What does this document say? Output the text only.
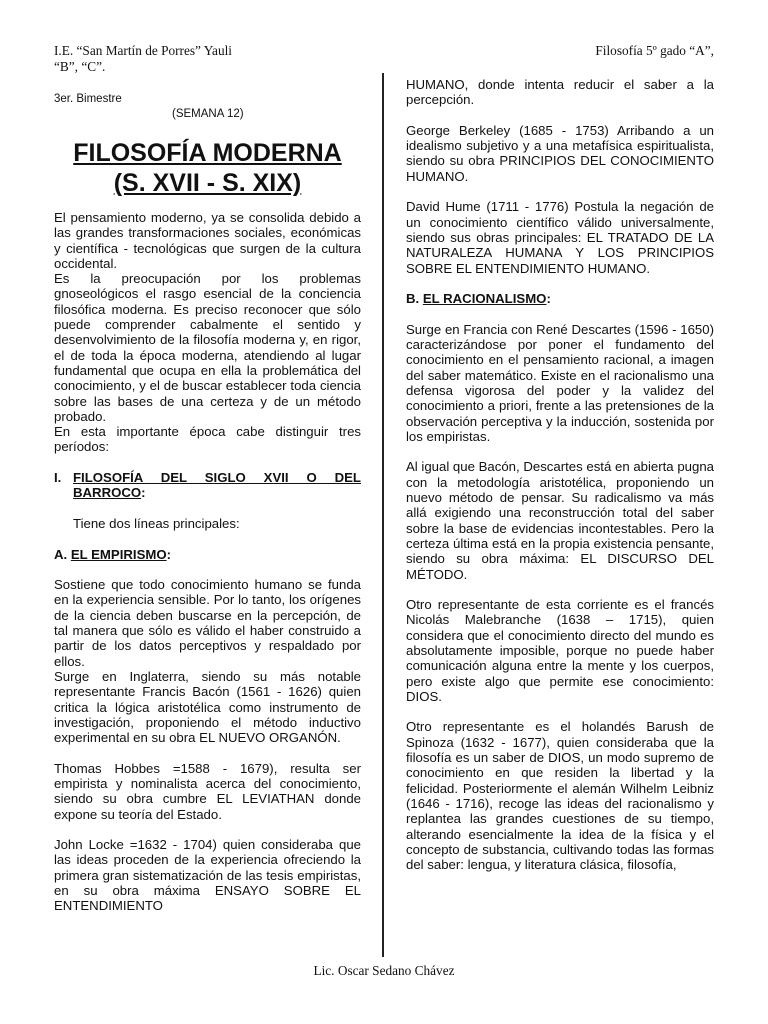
I.E. “San Martín de Porres” Yauli
“B”, “C”.
Filosofía 5º gado “A”,
3er. Bimestre
(SEMANA 12)
FILOSOFÍA MODERNA
(S. XVII - S. XIX)

El pensamiento moderno, ya se consolida debido a las grandes transformaciones sociales, económicas y científica - tecnológicas que surgen de la cultura occidental.

Es la preocupación por los problemas gnoseológicos el rasgo esencial de la conciencia filosófica moderna. Es preciso reconocer que sólo puede comprender cabalmente el sentido y desenvolvimiento de la filosofía moderna y, en rigor, el de toda la época moderna, atendiendo al lugar fundamental que ocupa en ella la problemática del conocimiento, y el de buscar establecer toda ciencia sobre las bases de una certeza y de un método probado.

En esta importante época cabe distinguir tres períodos:

I. FILOSOFÍA DEL SIGLO XVII O DEL BARROCO:

Tiene dos líneas principales:

A. EL EMPIRISMO:

Sostiene que todo conocimiento humano se funda en la experiencia sensible. Por lo tanto, los orígenes de la ciencia deben buscarse en la percepción, de tal manera que sólo es válido el haber construido a partir de los datos perceptivos y respaldado por ellos.

Surge en Inglaterra, siendo su más notable representante Francis Bacón (1561 - 1626) quien critica la lógica aristotélica como instrumento de investigación, proponiendo el método inductivo experimental en su obra EL NUEVO ORGANÓN.

Thomas Hobbes =1588 - 1679), resulta ser empirista y nominalista acerca del conocimiento, siendo su obra cumbre EL LEVIATHAN donde expone su teoría del Estado.

John Locke =1632 - 1704) quien consideraba que las ideas proceden de la experiencia ofreciendo la primera gran sistematización de las tesis empiristas, en su obra máxima ENSAYO SOBRE EL ENTENDIMIENTO

HUMANO, donde intenta reducir el saber a la percepción.

George Berkeley (1685 - 1753) Arribando a un idealismo subjetivo y a una metafísica espiritualista, siendo su obra PRINCIPIOS DEL CONOCIMIENTO HUMANO.

David Hume (1711 - 1776) Postula la negación de un conocimiento científico válido universalmente, siendo sus obras principales: EL TRATADO DE LA NATURALEZA HUMANA Y LOS PRINCIPIOS SOBRE EL ENTENDIMIENTO HUMANO.

B. EL RACIONALISMO:

Surge en Francia con René Descartes (1596 - 1650) caracterizándose por poner el fundamento del conocimiento en el pensamiento racional, a imagen del saber matemático. Existe en el racionalismo una defensa vigorosa del poder y la validez del conocimiento a priori, frente a las pretensiones de la observación perceptiva y la inducción, sostenida por los empiristas.

Al igual que Bacón, Descartes está en abierta pugna con la metodología aristotélica, proponiendo un nuevo método de pensar. Su radicalismo va más allá exigiendo una reconstrucción total del saber sobre la base de evidencias incontestables. Pero la certeza última está en la propia existencia pensante, siendo su obra máxima: EL DISCURSO DEL MÉTODO.

Otro representante de esta corriente es el francés Nicolás Malebranche (1638 – 1715), quien considera que el conocimiento directo del mundo es absolutamente imposible, porque no puede haber comunicación alguna entre la mente y los cuerpos, pero existe algo que permite ese conocimiento: DIOS.

Otro representante es el holandés Barush de Spinoza (1632 - 1677), quien consideraba que la filosofía es un saber de DIOS, un modo supremo de conocimiento en que residen la libertad y la felicidad. Posteriormente el alemán Wilhelm Leibniz (1646 - 1716), recoge las ideas del racionalismo y replantea las grandes cuestiones de su tiempo, alterando esencialmente la idea de la física y el concepto de substancia, cultivando todas las formas del saber: lengua, y literatura clásica, filosofía,

Lic. Oscar Sedano Chávez
